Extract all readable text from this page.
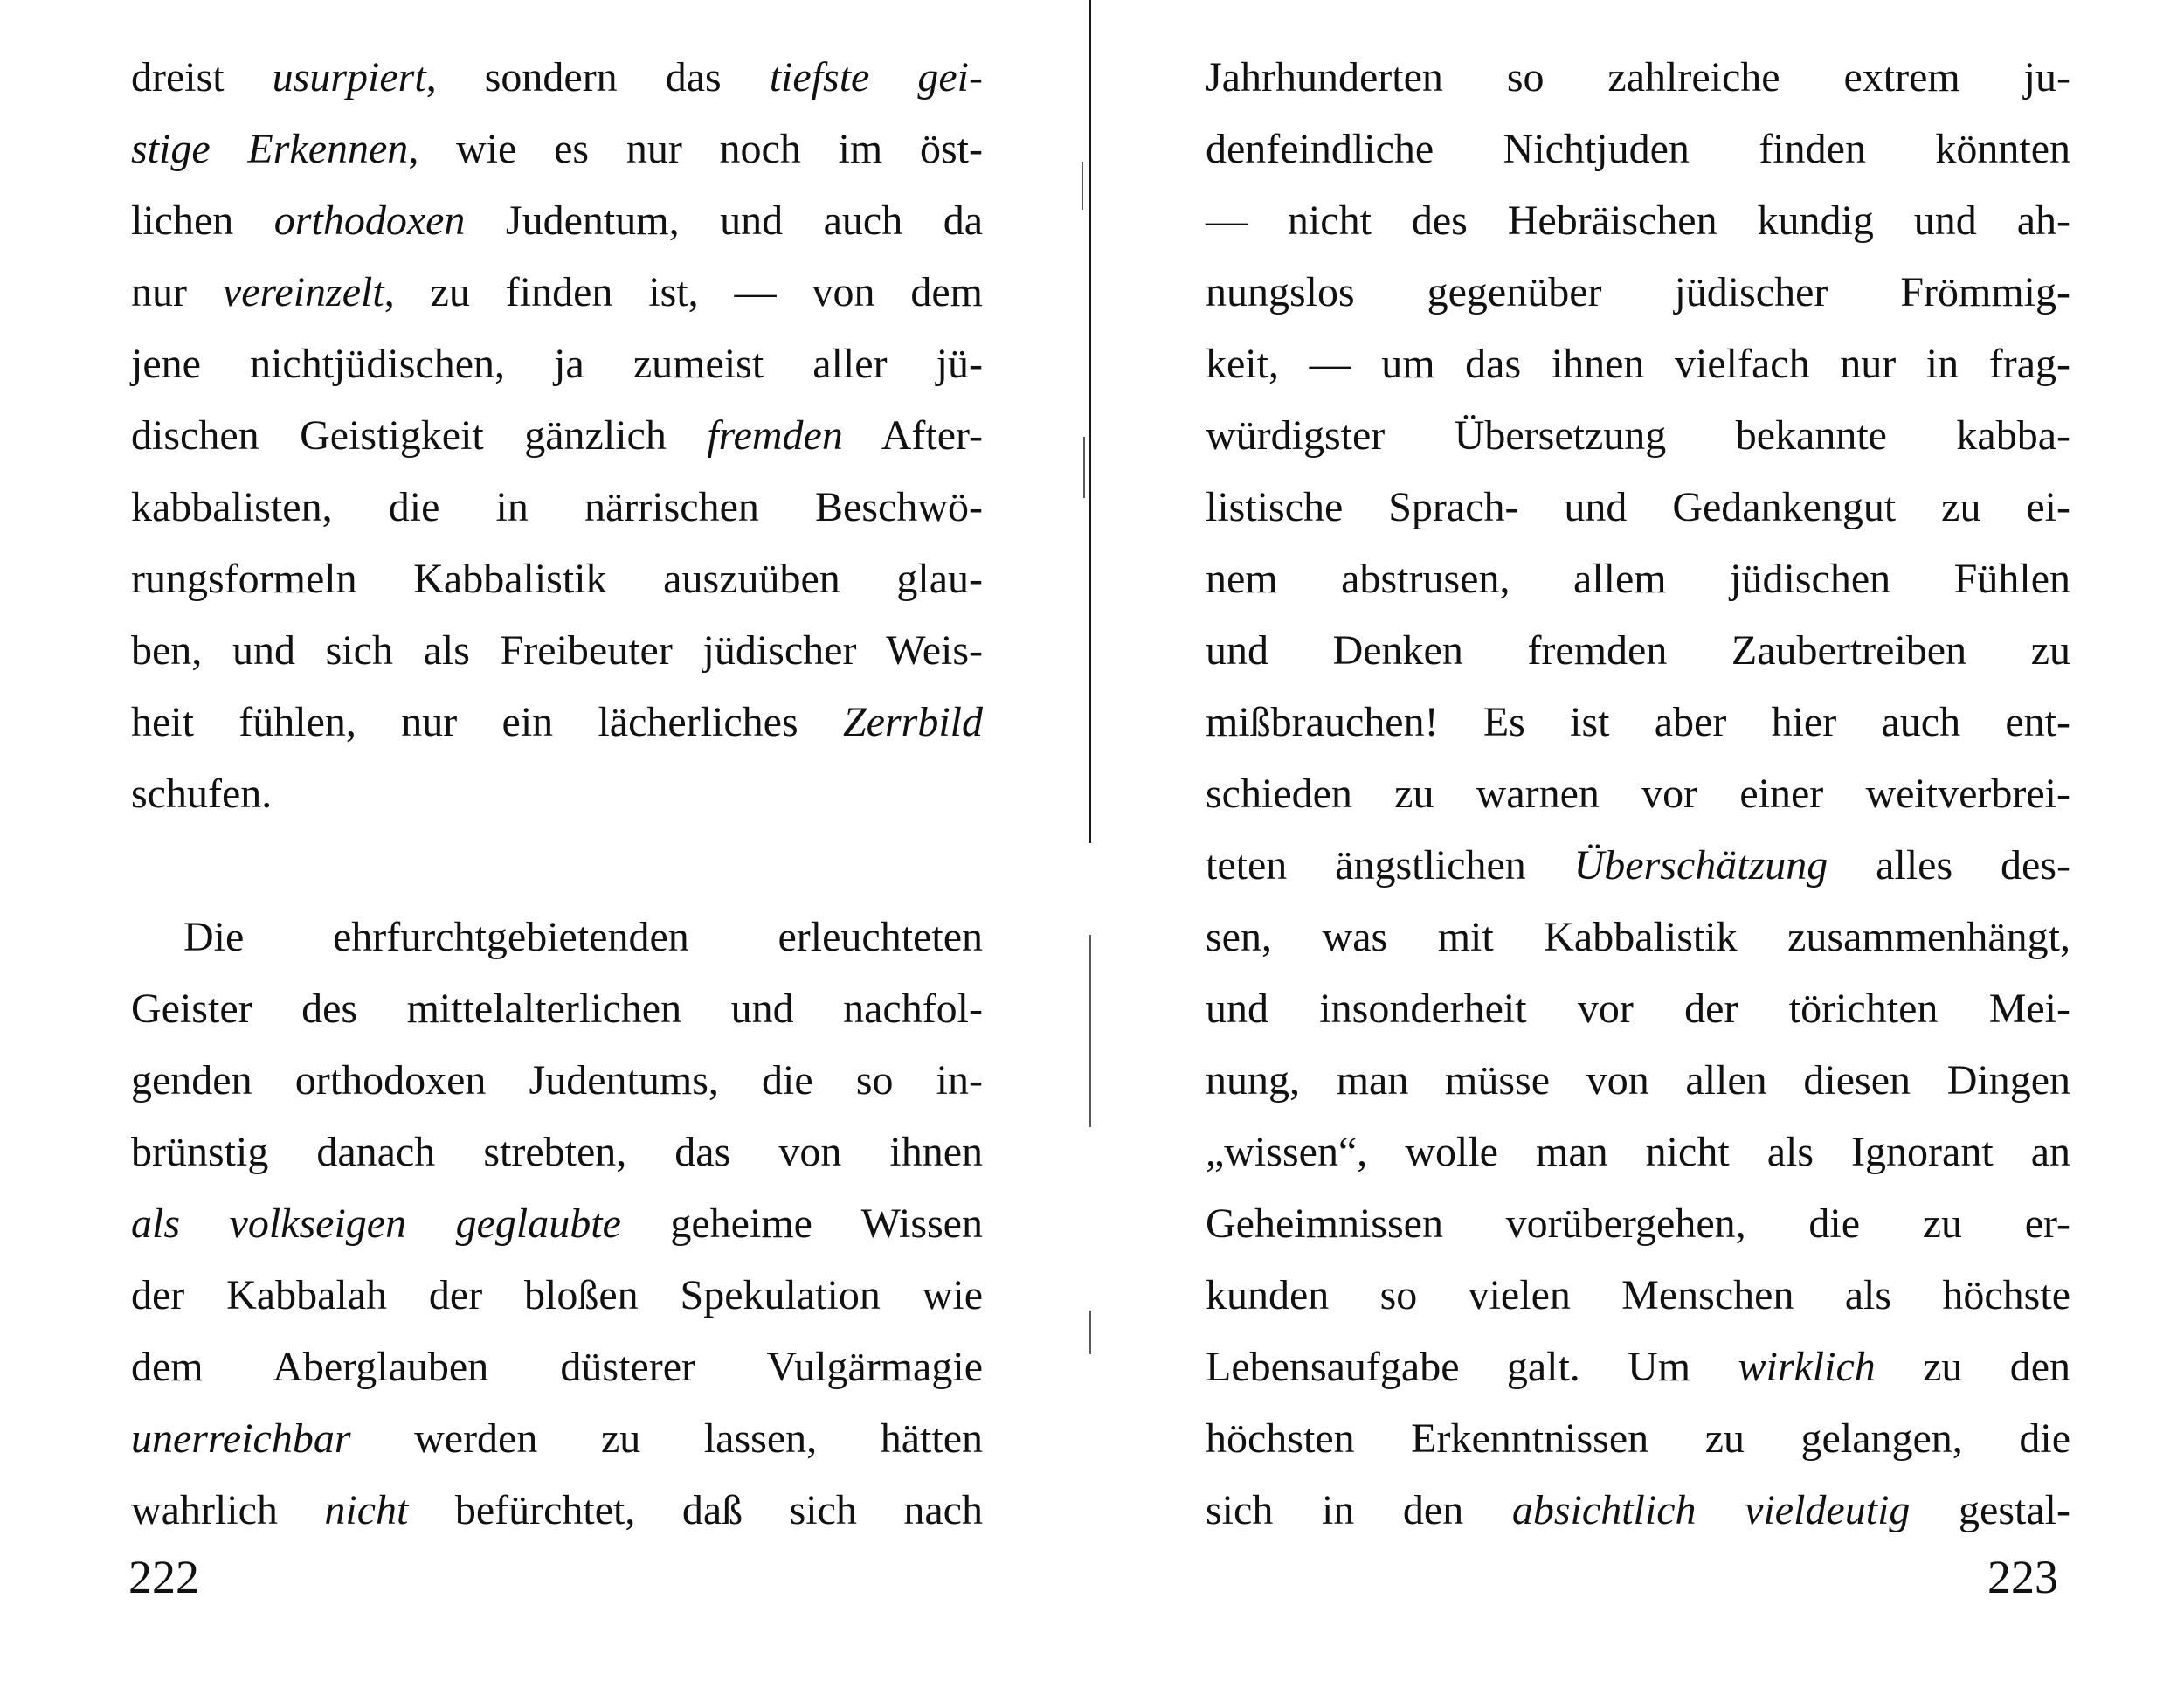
dreist usurpiert, sondern das tiefste gei-
stige Erkennen, wie es nur noch im öst-
lichen orthodoxen Judentum, und auch da
nur vereinzelt, zu finden ist, — von dem
jene nichtjüdischen, ja zumeist aller jü-
dischen Geistigkeit gänzlich fremden After-
kabbalisten, die in närrischen Beschwö-
rungsformeln Kabbalistik auszuüben glau-
ben, und sich als Freibeuter jüdischer Weis-
heit fühlen, nur ein lächerliches Zerrbild
schufen.
Die ehrfurchtgebietenden erleuchteten
Geister des mittelalterlichen und nachfol-
genden orthodoxen Judentums, die so in-
brünstig danach strebten, das von ihnen
als volkseigen geglaubte geheime Wissen
der Kabbalah der bloßen Spekulation wie
dem Aberglauben düsterer Vulgärmagie
unerreichbar werden zu lassen, hätten
wahrlich nicht befürchtet, daß sich nach
222
Jahrhunderten so zahlreiche extrem ju-
denfeindliche Nichtjuden finden könnten
— nicht des Hebräischen kundig und ah-
nungslos gegenüber jüdischer Frömmig-
keit, — um das ihnen vielfach nur in frag-
würdigster Übersetzung bekannte kabba-
listische Sprach- und Gedankengut zu ei-
nem abstrusen, allem jüdischen Fühlen
und Denken fremden Zaubertreiben zu
mißbrauchen! Es ist aber hier auch ent-
schieden zu warnen vor einer weitverbrei-
teten ängstlichen Überschätzung alles des-
sen, was mit Kabbalistik zusammenhängt,
und insonderheit vor der törichten Mei-
nung, man müsse von allen diesen Dingen
„wissen“, wolle man nicht als Ignorant an
Geheimnissen vorübergehen, die zu er-
kunden so vielen Menschen als höchste
Lebensaufgabe galt. Um wirklich zu den
höchsten Erkenntnissen zu gelangen, die
sich in den absichtlich vieldeutig gestal-
223
